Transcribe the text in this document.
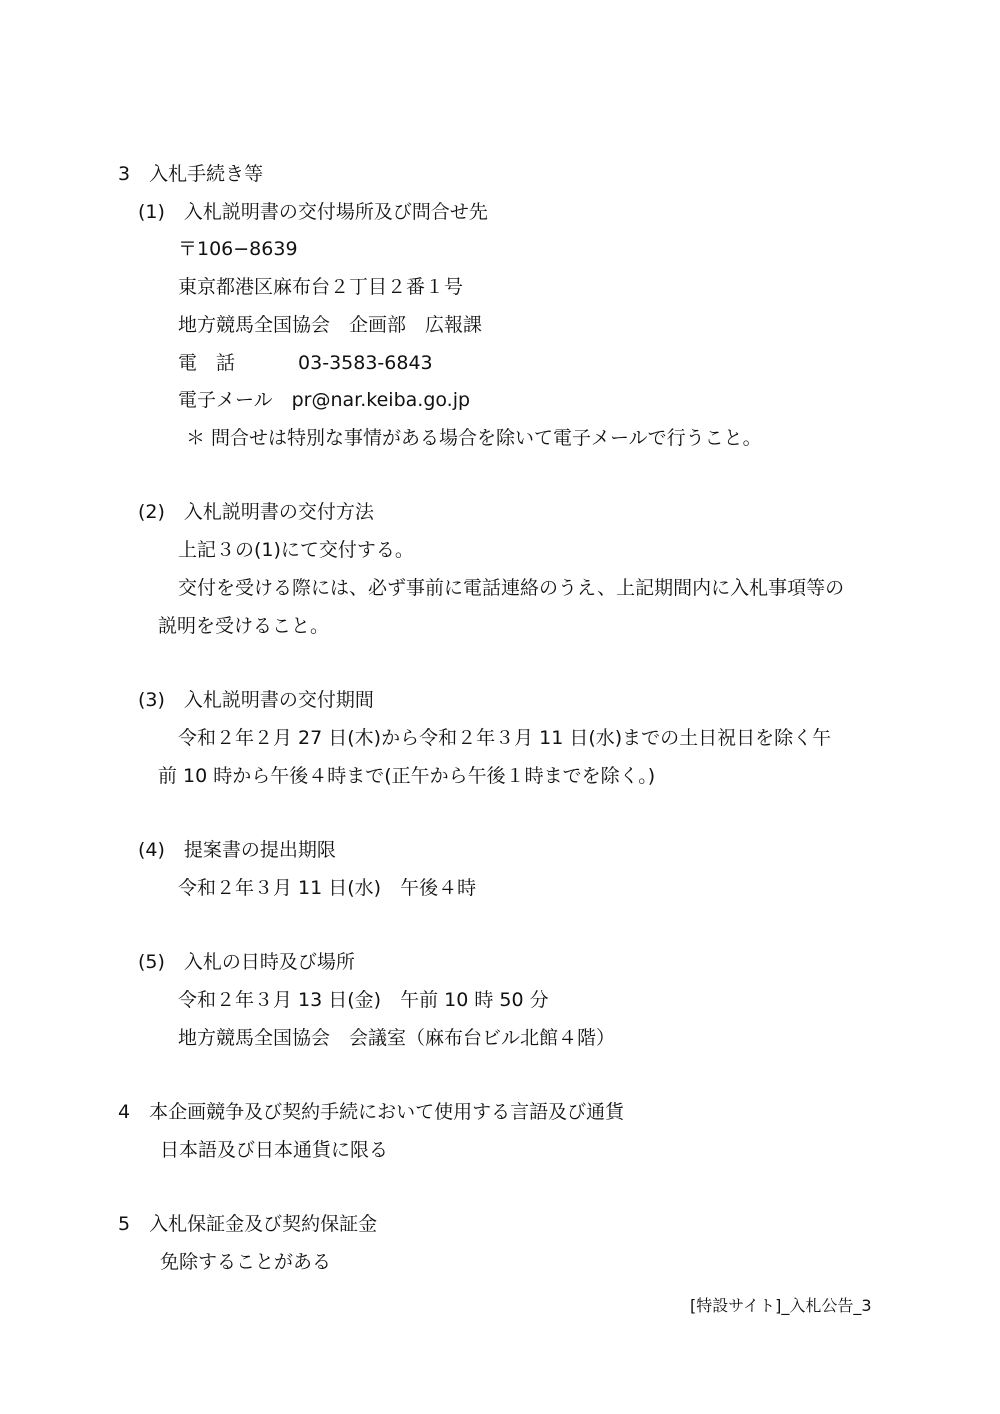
3　入札手続き等
(1)　入札説明書の交付場所及び問合せ先
〒106−8639
東京都港区麻布台２丁目２番１号
地方競馬全国協会　企画部　広報課
電　話　　　 03-3583-6843
電子メール　pr@nar.keiba.go.jp
＊ 問合せは特別な事情がある場合を除いて電子メールで行うこと。
(2)　入札説明書の交付方法
上記３の(1)にて交付する。
交付を受ける際には、必ず事前に電話連絡のうえ、上記期間内に入札事項等の
説明を受けること。
(3)　入札説明書の交付期間
令和２年２月 27 日(木)から令和２年３月 11 日(水)までの土日祝日を除く午
前 10 時から午後４時まで(正午から午後１時までを除く。)
(4)　提案書の提出期限
令和２年３月 11 日(水)　午後４時
(5)　入札の日時及び場所
令和２年３月 13 日(金)　午前 10 時 50 分
地方競馬全国協会　会議室（麻布台ビル北館４階）
4　本企画競争及び契約手続において使用する言語及び通貨
日本語及び日本通貨に限る
5　入札保証金及び契約保証金
免除することがある
[特設サイト]_入札公告_3
